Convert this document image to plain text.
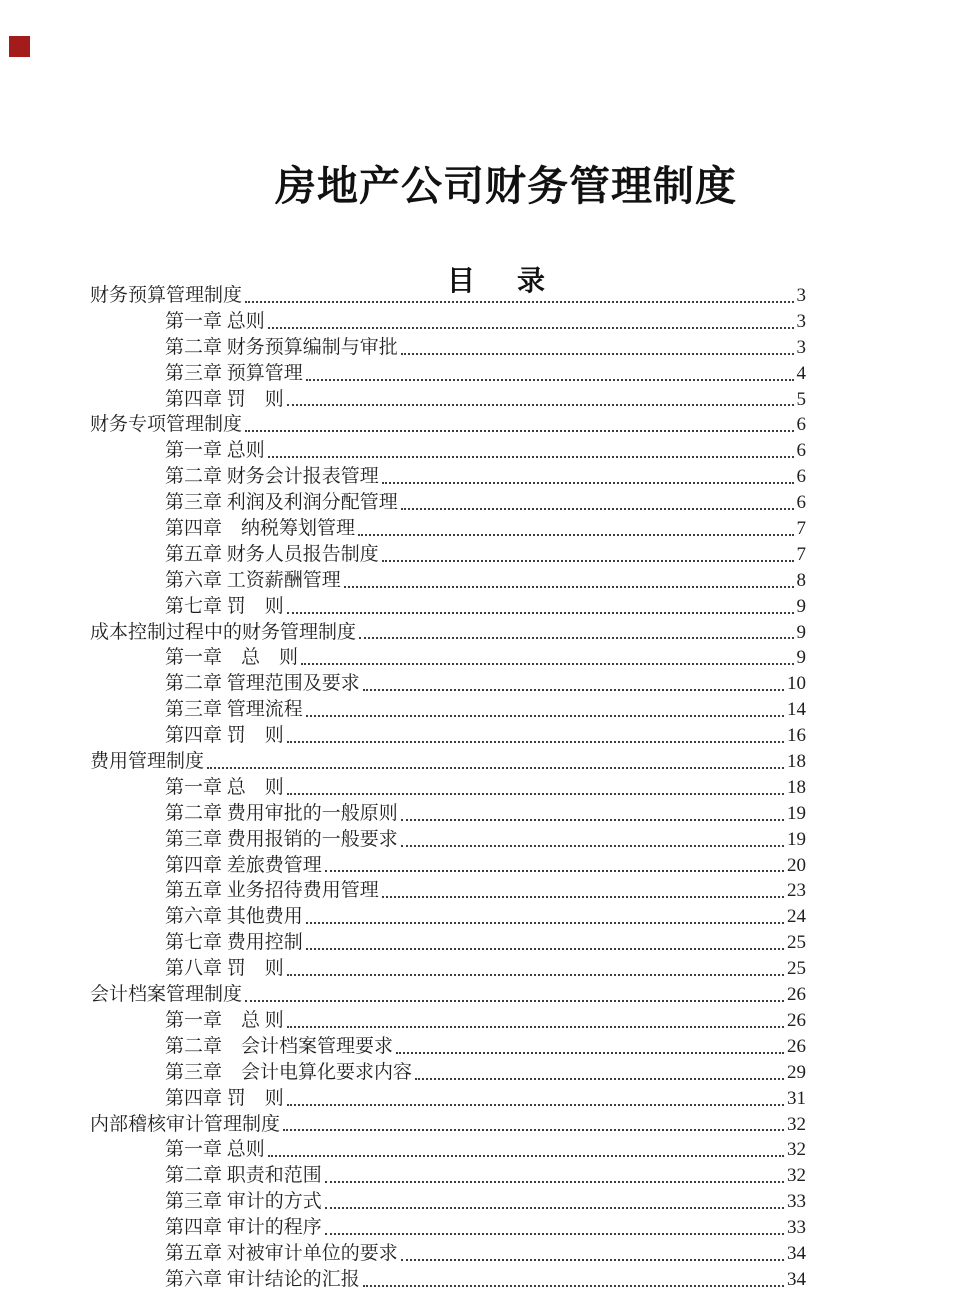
房地产公司财务管理制度
目      录
财务预算管理制度	3
第一章 总则	3
第二章 财务预算编制与审批	3
第三章 预算管理	4
第四章 罚　则	5
财务专项管理制度	6
第一章 总则	6
第二章 财务会计报表管理	6
第三章 利润及利润分配管理	6
第四章　纳税筹划管理	7
第五章 财务人员报告制度	7
第六章 工资薪酬管理	8
第七章 罚　则	9
成本控制过程中的财务管理制度	9
第一章　总　则	9
第二章 管理范围及要求	10
第三章 管理流程	14
第四章 罚　则	16
费用管理制度	18
第一章 总　则	18
第二章 费用审批的一般原则	19
第三章 费用报销的一般要求	19
第四章 差旅费管理	20
第五章 业务招待费用管理	23
第六章 其他费用	24
第七章 费用控制	25
第八章 罚　则	25
会计档案管理制度	26
第一章　总 则	26
第二章　会计档案管理要求	26
第三章　会计电算化要求内容	29
第四章 罚　则	31
内部稽核审计管理制度	32
第一章 总则	32
第二章 职责和范围	32
第三章 审计的方式	33
第四章 审计的程序	33
第五章 对被审计单位的要求	34
第六章 审计结论的汇报	34
